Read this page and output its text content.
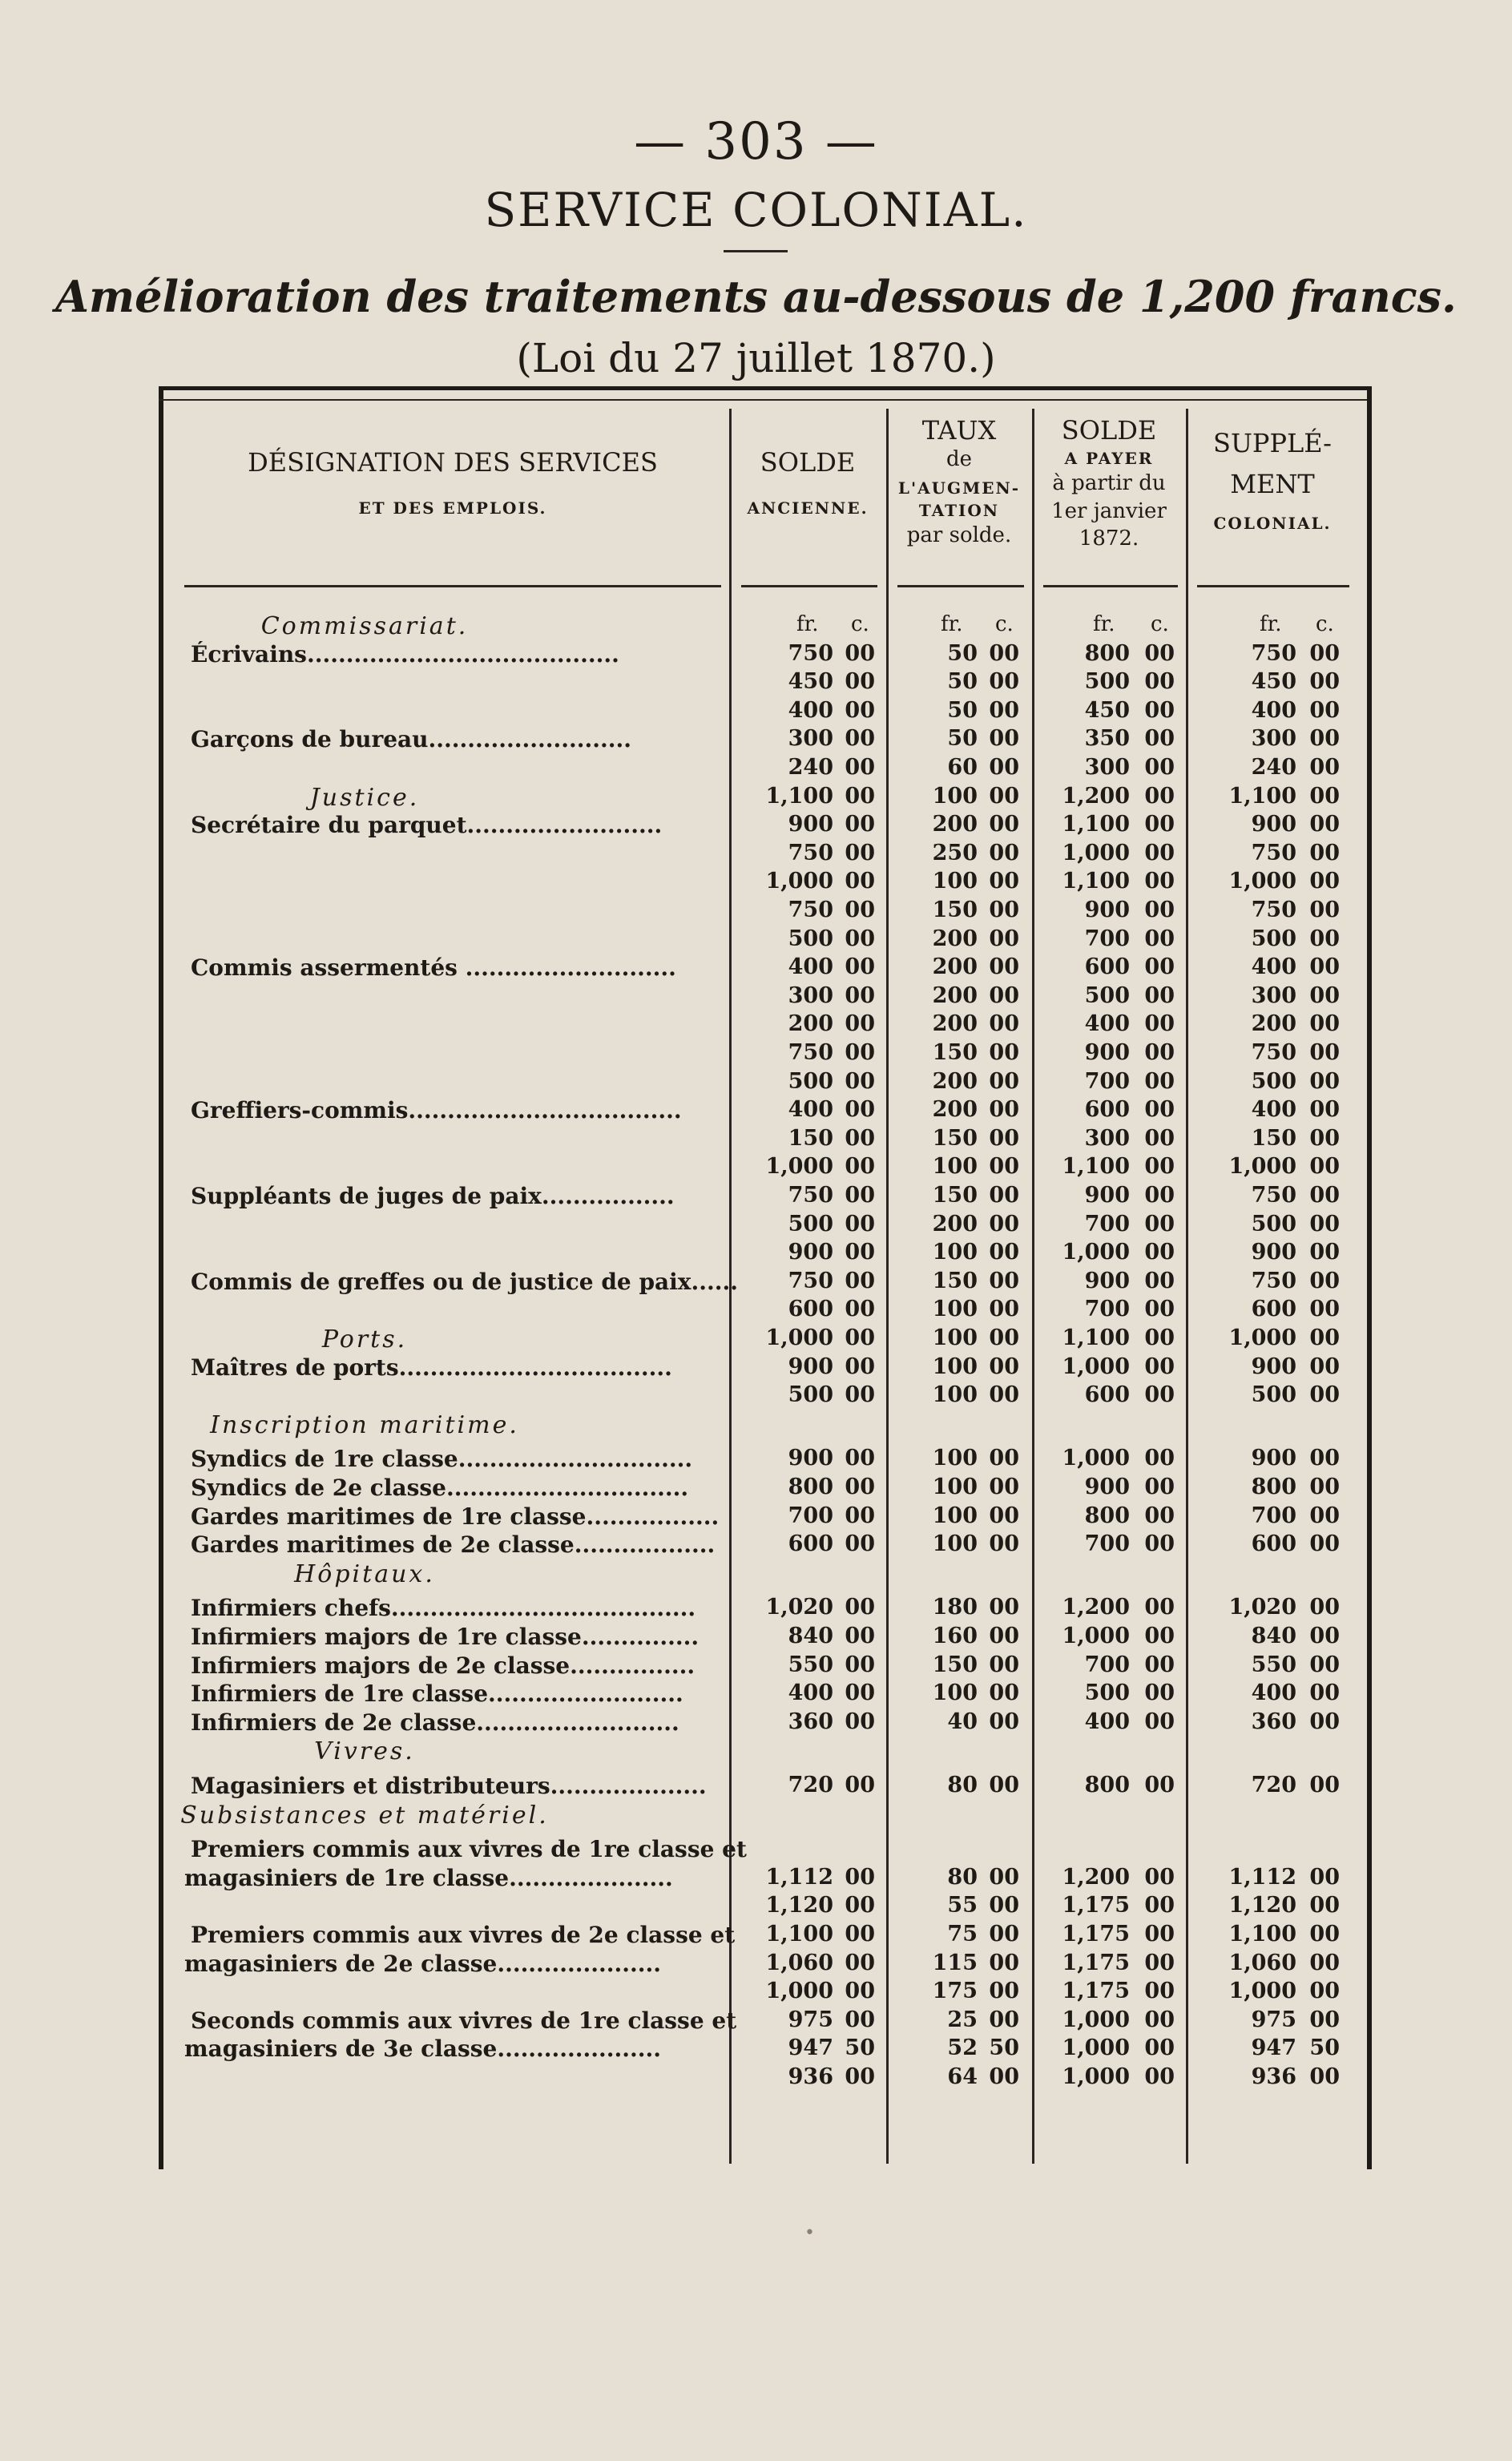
— 303 —
SERVICE COLONIAL.
Amélioration des traitements au-dessous de 1,200 francs.
(Loi du 27 juillet 1870.)
DÉSIGNATION DES SERVICES
ET DES EMPLOIS.
SOLDE
ANCIENNE.
TAUX
de
L'AUGMEN-
TATION
par solde.
SOLDE
A PAYER
à partir du
1er janvier
1872.
SUPPLÉ-
MENT
COLONIAL.
fr. c.	fr. c.	fr. c.	fr. c.
Commissariat.
Écrivains........................................	750 00	50 00	800 00	750 00
450 00	50 00	500 00	450 00
400 00	50 00	450 00	400 00
Garçons de bureau..........................	300 00	50 00	350 00	300 00
240 00	60 00	300 00	240 00
Justice.	1,100 00	100 00 1,200 00 1,100 00
Secrétaire du parquet.........................	900 00	200 00 1,100 00	900 00
750 00	250 00 1,000 00	750 00
1,000 00	100 00 1,100 00 1,000 00
750 00	150 00	900 00	750 00
500 00	200 00	700 00	500 00
Commis assermentés ...........................	400 00	200 00	600 00	400 00
300 00	200 00	500 00	300 00
200 00	200 00	400 00	200 00
750 00	150 00	900 00	750 00
500 00	200 00	700 00	500 00
Greffiers-commis...................................	400 00	200 00	600 00	400 00
150 00	150 00	300 00	150 00
1,000 00	100 00 1,100 00 1,000 00
Suppléants de juges de paix.................	750 00	150 00	900 00	750 00
500 00	200 00	700 00	500 00
900 00	100 00 1,000 00	900 00
Commis de greffes ou de justice de paix......	750 00	150 00	900 00	750 00
600 00	100 00	700 00	600 00
Ports.	1,000 00	100 00 1,100 00 1,000 00
Maîtres de ports...................................	900 00	100 00 1,000 00	900 00
500 00	100 00	600 00	500 00
Inscription maritime.
Syndics de 1re classe..............................	900 00	100 00 1,000 00	900 00
Syndics de 2e classe...............................	800 00	100 00	900 00	800 00
Gardes maritimes de 1re classe.................	700 00	100 00	800 00	700 00
Gardes maritimes de 2e classe..................	600 00	100 00	700 00	600 00
Hôpitaux.
Infirmiers chefs.......................................	1,020 00	180 00 1,200 00 1,020 00
Infirmiers majors de 1re classe...............	840 00	160 00 1,000 00	840 00
Infirmiers majors de 2e classe................	550 00	150 00	700 00	550 00
Infirmiers de 1re classe.........................	400 00	100 00	500 00	400 00
Infirmiers de 2e classe..........................	360 00	40 00	400 00	360 00
Vivres.
Magasiniers et distributeurs....................	720 00	80 00	800 00	720 00
Subsistances et matériel.
Premiers commis aux vivres de 1re classe et
magasiniers de 1re classe.....................	1,112 00	80 00 1,200 00 1,112 00
1,120 00	55 00 1,175 00 1,120 00
Premiers commis aux vivres de 2e classe et	1,100 00	75 00 1,175 00 1,100 00
magasiniers de 2e classe.....................	1,060 00	115 00 1,175 00 1,060 00
1,000 00	175 00 1,175 00 1,000 00
Seconds commis aux vivres de 1re classe et	975 00	25 00 1,000 00	975 00
magasiniers de 3e classe.....................	947 50	52 50 1,000 00	947 50
936 00	64 00 1,000 00	936 00
•
